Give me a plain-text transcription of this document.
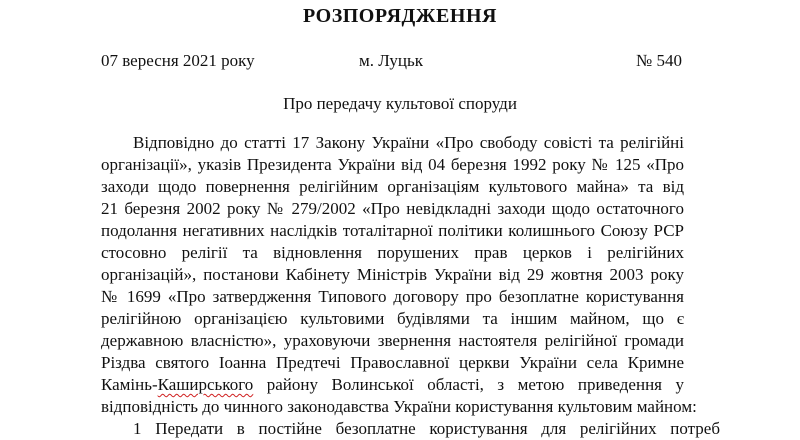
РОЗПОРЯДЖЕННЯ
07 вересня 2021 року	м. Луцьк	№ 540
Про передачу культової споруди
Відповідно до статті 17 Закону України «Про свободу совісті та релігійні
організації», указів Президента України від 04 березня 1992 року № 125 «Про
заходи щодо повернення релігійним організаціям культового майна» та від
21 березня 2002 року № 279/2002 «Про невідкладні заходи щодо остаточного
подолання негативних наслідків тоталітарної політики колишнього Союзу РСР
стосовно релігії та відновлення порушених прав церков і релігійних
організацій», постанови Кабінету Міністрів України від 29 жовтня 2003 року
№ 1699 «Про затвердження Типового договору про безоплатне користування
релігійною організацією культовими будівлями та іншим майном, що є
державною власністю», ураховуючи звернення настоятеля релігійної громади
Різдва святого Іоанна Предтечі Православної церкви України села Кримне
Камінь-Каширського району Волинської області, з метою приведення у
відповідність до чинного законодавства України користування культовим майном:
1 Передати в постійне безоплатне користування для релігійних потреб
